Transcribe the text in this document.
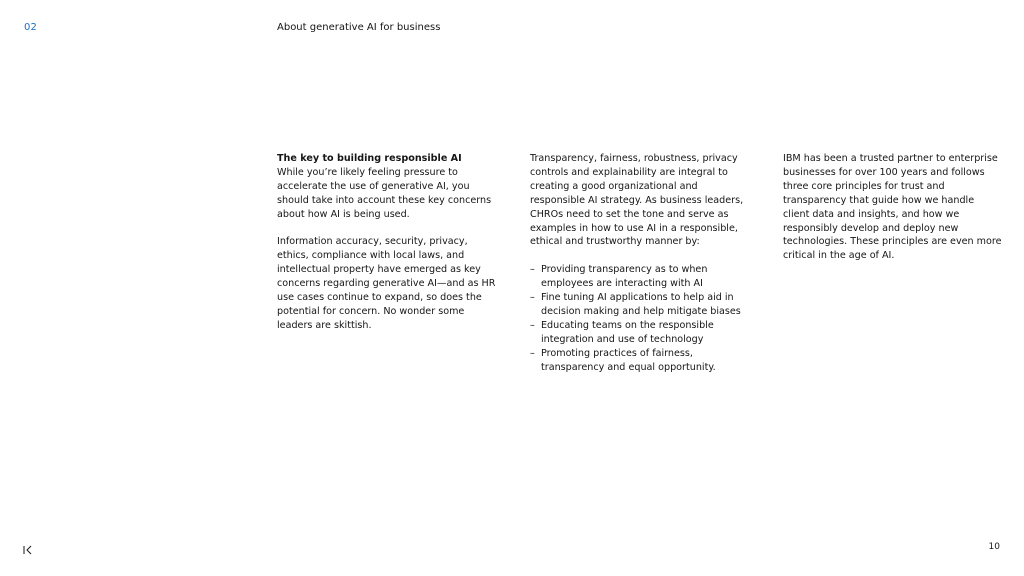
02	About generative AI for business

The key to building responsible AI

While you’re likely feeling pressure to accelerate the use of generative AI, you should take into account these key concerns about how AI is being used.

Information accuracy, security, privacy, ethics, compliance with local laws, and intellectual property have emerged as key concerns regarding generative AI—and as HR use cases continue to expand, so does the potential for concern. No wonder some leaders are skittish.

Transparency, fairness, robustness, privacy controls and explainability are integral to creating a good organizational and responsible AI strategy. As business leaders, CHROs need to set the tone and serve as examples in how to use AI in a responsible, ethical and trustworthy manner by:

– Providing transparency as to when employees are interacting with AI
– Fine tuning AI applications to help aid in decision making and help mitigate biases
– Educating teams on the responsible integration and use of technology
– Promoting practices of fairness, transparency and equal opportunity.

IBM has been a trusted partner to enterprise businesses for over 100 years and follows three core principles for trust and transparency that guide how we handle client data and insights, and how we responsibly develop and deploy new technologies. These principles are even more critical in the age of AI.

10
